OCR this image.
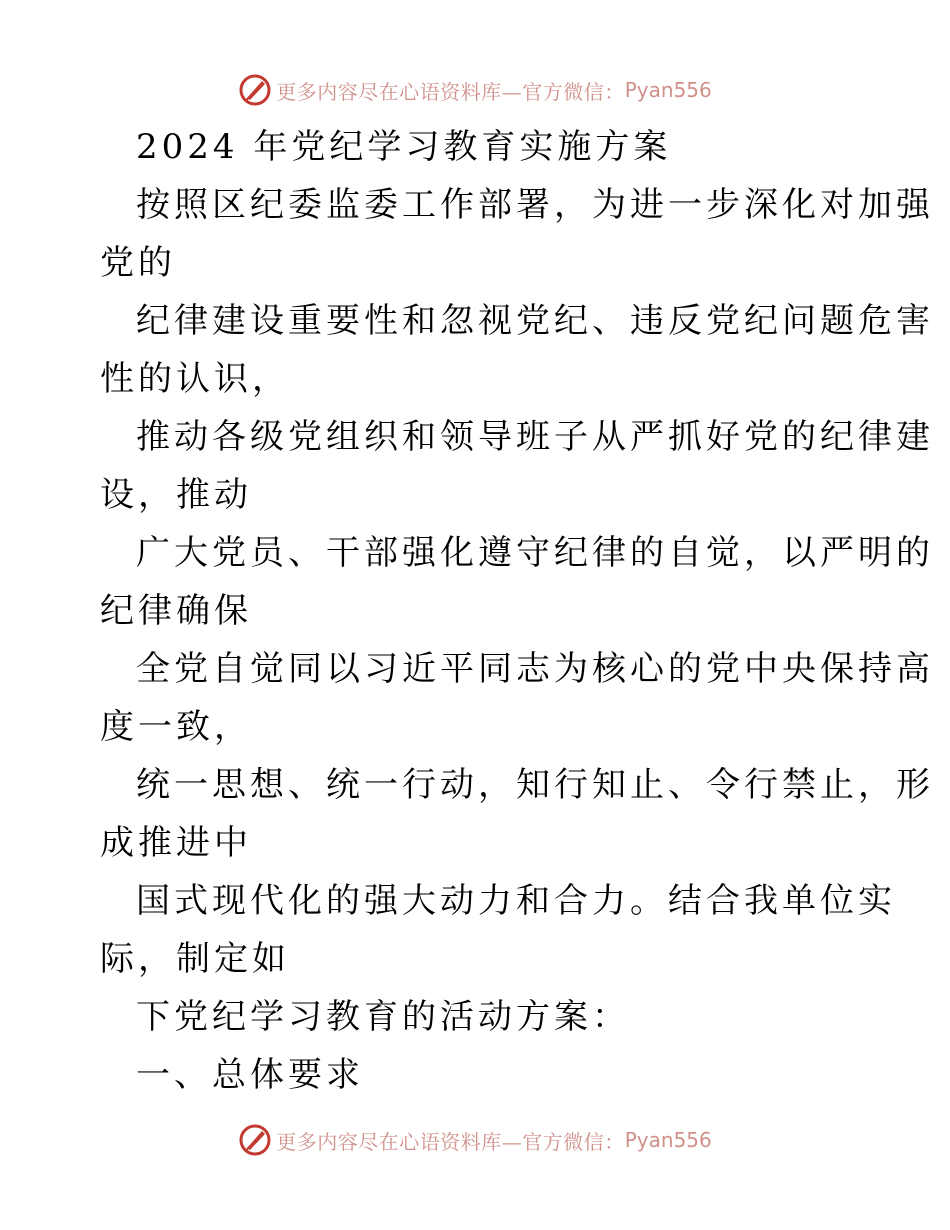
更多内容尽在心语资料库—官方微信： Pyan556
2024 年党纪学习教育实施方案
按照区纪委监委工作部署，为进一步深化对加强
党的
纪律建设重要性和忽视党纪、违反党纪问题危害
性的认识，
推动各级党组织和领导班子从严抓好党的纪律建
设，推动
广大党员、干部强化遵守纪律的自觉，以严明的
纪律确保
全党自觉同以习近平同志为核心的党中央保持高
度一致，
统一思想、统一行动，知行知止、令行禁止，形
成推进中
国式现代化的强大动力和合力。结合我单位实
际，制定如
下党纪学习教育的活动方案：
一、总体要求
更多内容尽在心语资料库—官方微信： Pyan556
